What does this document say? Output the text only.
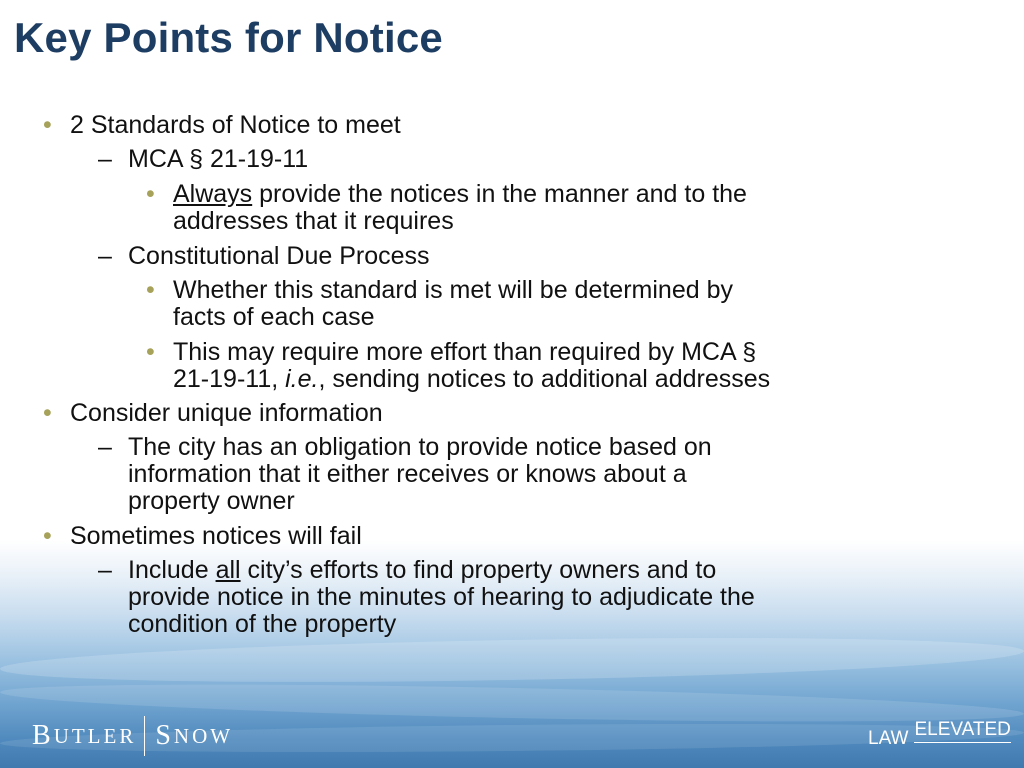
Key Points for Notice
• 2 Standards of Notice to meet
– MCA § 21-19-11
• Always provide the notices in the manner and to the
addresses that it requires
– Constitutional Due Process
• Whether this standard is met will be determined by
facts of each case
• This may require more effort than required by MCA §
21-19-11, i.e., sending notices to additional addresses
• Consider unique information
– The city has an obligation to provide notice based on
information that it either receives or knows about a
property owner
• Sometimes notices will fail
– Include all city’s efforts to find property owners and to
provide notice in the minutes of hearing to adjudicate the
condition of the property
B UTLER S NOW	LAW ELEVATED
